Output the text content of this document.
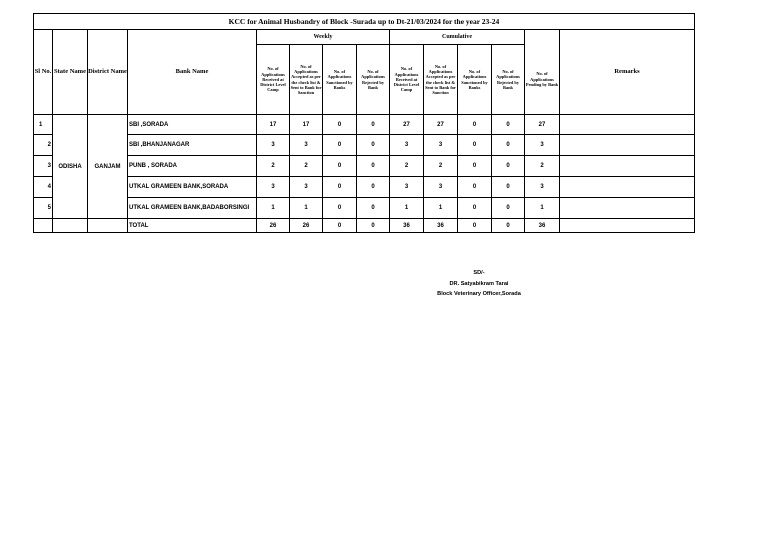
KCC for Animal Husbandry of Block -Surada up to Dt-21/03/2024 for the year 23-24													
Sl No.	State Name	District Name	Bank Name	Weekly				Cumulative					Remarks
				No. of Applications Received at District Level Camp	No. of Applications Accepted as per the check list & Sent to Bank for Sanction	No. of Applications Sanctioned by Banks	No. of Applications Rejected by Bank	No. of Applications Received at District Level Camp	No. of Applications Accepted as per the check list & Sent to Bank for Sanction	No. of Applications Sanctioned by Banks	No. of Applications Rejected by Bank	No. of Applications Pending by Bank	
1	ODISHA	GANJAM	SBI ,SORADA	17	17	0	0	27	27	0	0	27	
2			SBI ,BHANJANAGAR	3	3	0	0	3	3	0	0	3	
3			PUNB , SORADA	2	2	0	0	2	2	0	0	2	
4			UTKAL GRAMEEN BANK,SORADA	3	3	0	0	3	3	0	0	3	
5			UTKAL GRAMEEN BANK,BADABORSINGI	1	1	0	0	1	1	0	0	1	
			TOTAL	26	26	0	0	36	36	0	0	36	
SD/-
DR. Satyabikram Tarai
Block Veterinary Officer,Sorada
